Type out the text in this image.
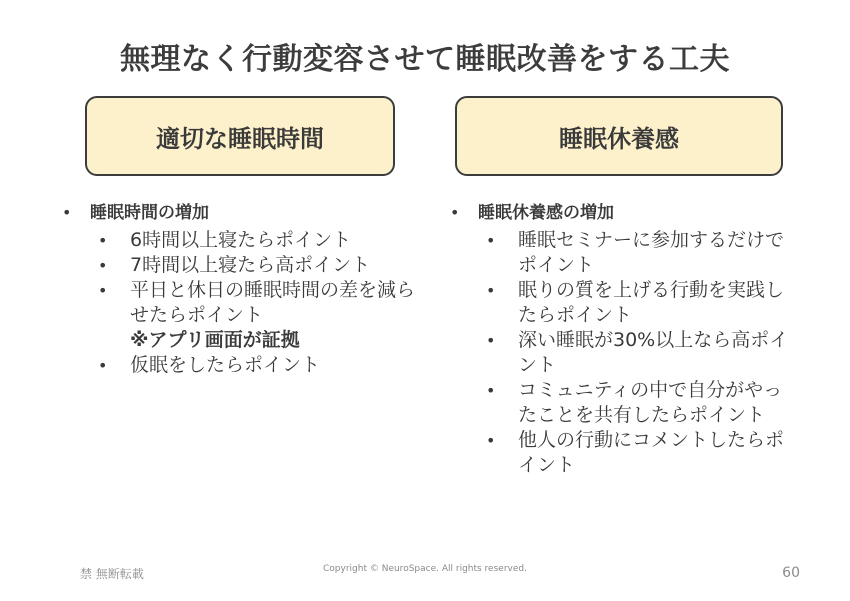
無理なく行動変容させて睡眠改善をする工夫
適切な睡眠時間	睡眠休養感
• 睡眠時間の増加
• 6時間以上寝たらポイント
• 7時間以上寝たら高ポイント
• 平日と休日の睡眠時間の差を減らせたらポイント
※アプリ画面が証拠
• 仮眠をしたらポイント
• 睡眠休養感の増加
• 睡眠セミナーに参加するだけでポイント
• 眠りの質を上げる行動を実践したらポイント
• 深い睡眠が30%以上なら高ポイント
• コミュニティの中で自分がやったことを共有したらポイント
• 他人の行動にコメントしたらポイント
禁 無断転載	Copyright © NeuroSpace. All rights reserved.	60
